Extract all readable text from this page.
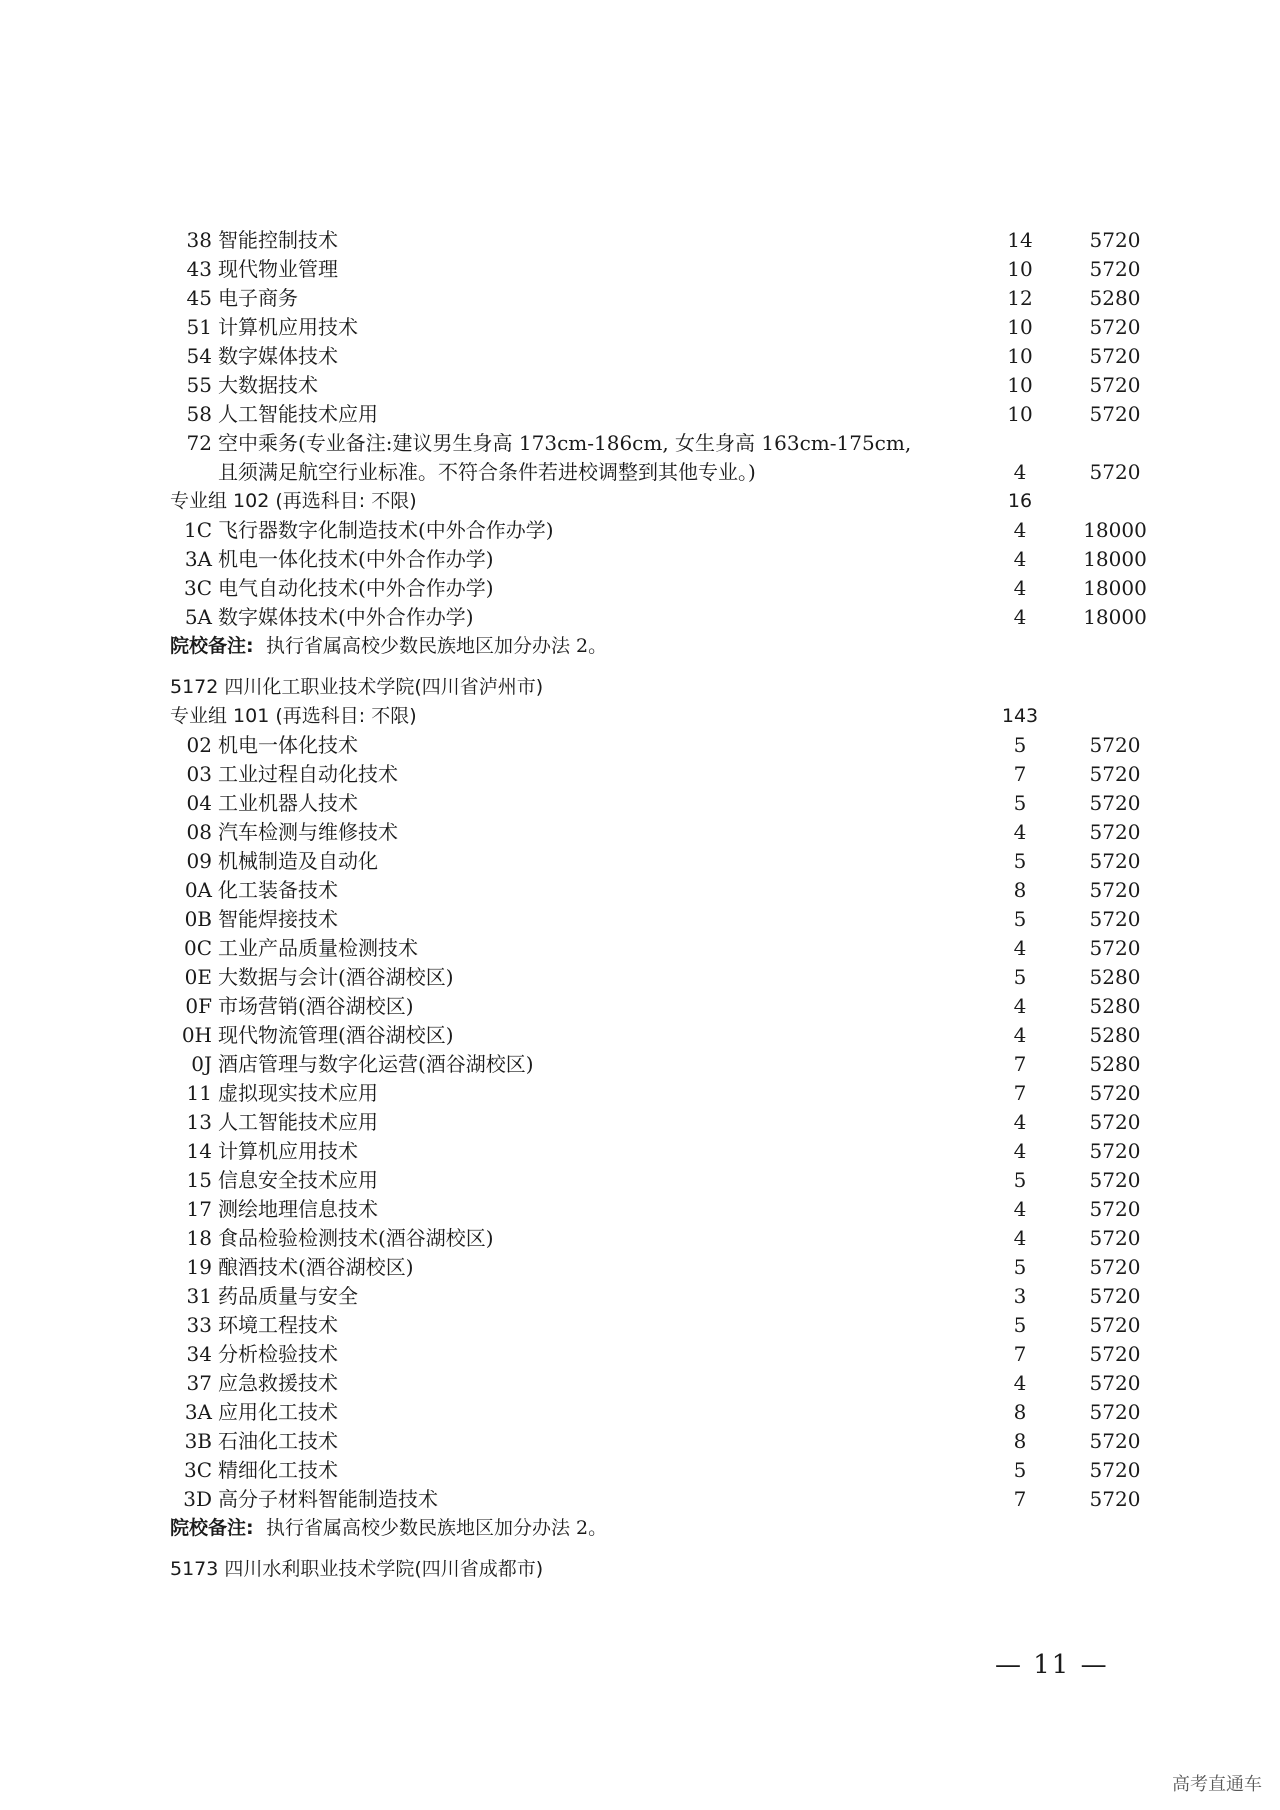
38 智能控制技术	14	5720
43 现代物业管理	10	5720
45 电子商务	12	5280
51 计算机应用技术	10	5720
54 数字媒体技术	10	5720
55 大数据技术	10	5720
58 人工智能技术应用	10	5720
72 空中乘务(专业备注:建议男生身高 173cm-186cm, 女生身高 163cm-175cm,
且须满足航空行业标准。不符合条件若进校调整到其他专业。)	4	5720
专业组 102 (再选科目: 不限)	16
1C 飞行器数字化制造技术(中外合作办学)	4	18000
3A 机电一体化技术(中外合作办学)	4	18000
3C 电气自动化技术(中外合作办学)	4	18000
5A 数字媒体技术(中外合作办学)	4	18000
院校备注: 执行省属高校少数民族地区加分办法 2。
5172 四川化工职业技术学院(四川省泸州市)
专业组 101 (再选科目: 不限)	143
02 机电一体化技术	5	5720
03 工业过程自动化技术	7	5720
04 工业机器人技术	5	5720
08 汽车检测与维修技术	4	5720
09 机械制造及自动化	5	5720
0A 化工装备技术	8	5720
0B 智能焊接技术	5	5720
0C 工业产品质量检测技术	4	5720
0E 大数据与会计(酒谷湖校区)	5	5280
0F 市场营销(酒谷湖校区)	4	5280
0H 现代物流管理(酒谷湖校区)	4	5280
0J 酒店管理与数字化运营(酒谷湖校区)	7	5280
11 虚拟现实技术应用	7	5720
13 人工智能技术应用	4	5720
14 计算机应用技术	4	5720
15 信息安全技术应用	5	5720
17 测绘地理信息技术	4	5720
18 食品检验检测技术(酒谷湖校区)	4	5720
19 酿酒技术(酒谷湖校区)	5	5720
31 药品质量与安全	3	5720
33 环境工程技术	5	5720
34 分析检验技术	7	5720
37 应急救援技术	4	5720
3A 应用化工技术	8	5720
3B 石油化工技术	8	5720
3C 精细化工技术	5	5720
3D 高分子材料智能制造技术	7	5720
院校备注: 执行省属高校少数民族地区加分办法 2。
5173 四川水利职业技术学院(四川省成都市)
— 11 —
高考直通车
